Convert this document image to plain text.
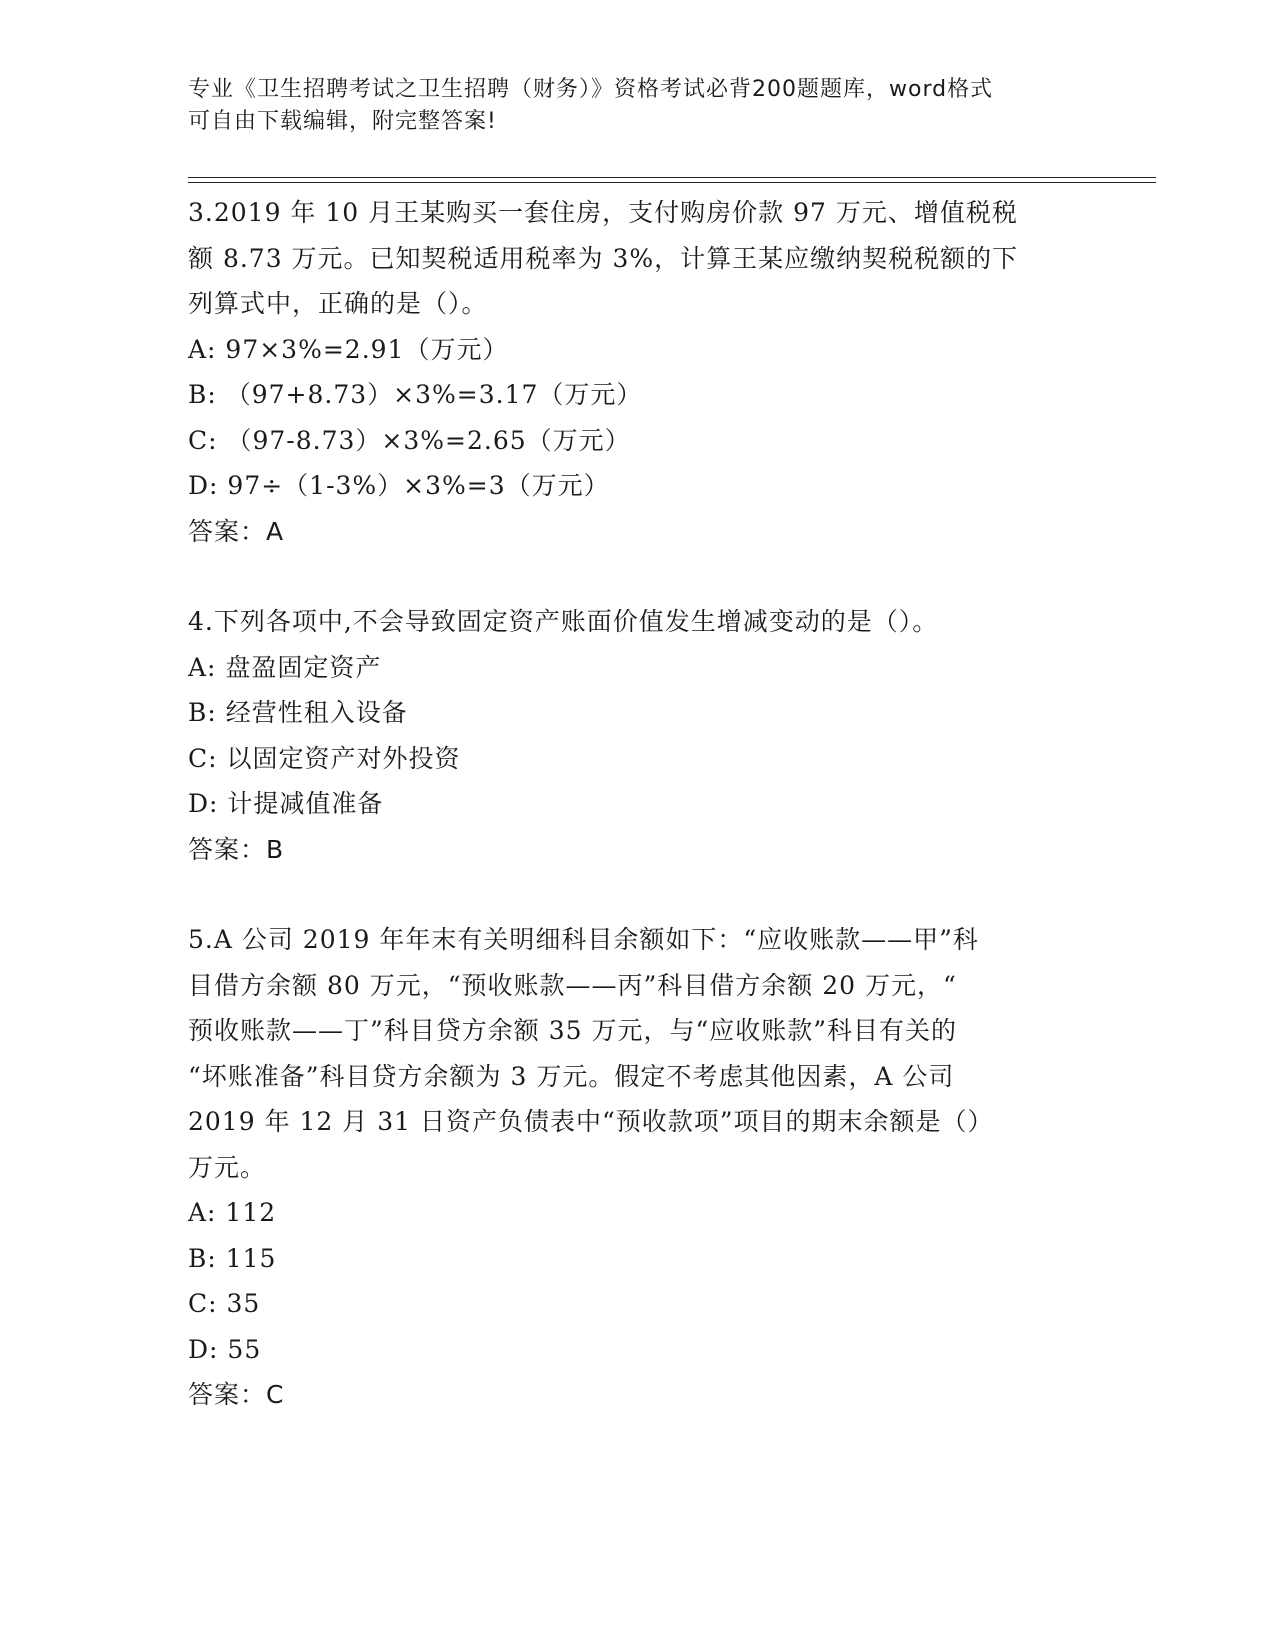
专业《卫生招聘考试之卫生招聘（财务）》资格考试必背200题题库，word格式
可自由下载编辑，附完整答案!
3.2019 年 10 月王某购买一套住房，支付购房价款 97 万元、增值税税
额 8.73 万元。已知契税适用税率为 3%，计算王某应缴纳契税税额的下
列算式中，正确的是（）。
A: 97×3%=2.91（万元）
B: （97+8.73）×3%=3.17（万元）
C: （97-8.73）×3%=2.65（万元）
D: 97÷（1-3%）×3%=3（万元）
答案：A
4.下列各项中,不会导致固定资产账面价值发生增减变动的是（）。
A: 盘盈固定资产
B: 经营性租入设备
C: 以固定资产对外投资
D: 计提减值准备
答案：B
5.A 公司 2019 年年末有关明细科目余额如下：“应收账款——甲”科
目借方余额 80 万元，“预收账款——丙”科目借方余额 20 万元，“
预收账款——丁”科目贷方余额 35 万元，与“应收账款”科目有关的
“坏账准备”科目贷方余额为 3 万元。假定不考虑其他因素，A 公司
2019 年 12 月 31 日资产负债表中“预收款项”项目的期末余额是（）
万元。
A: 112
B: 115
C: 35
D: 55
答案：C
